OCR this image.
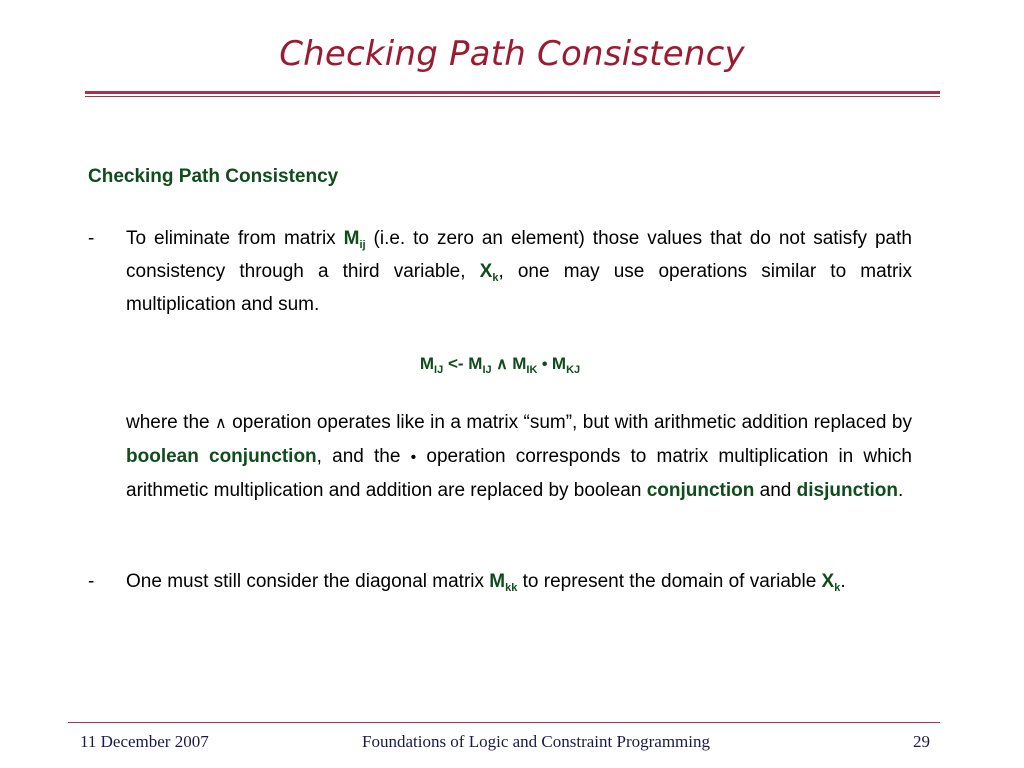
Checking Path Consistency
Checking Path Consistency
- To eliminate from matrix $M_{ij}$ (i.e. to zero an element) those values that do not satisfy path consistency through a third variable, $X_k$, one may use operations similar to matrix multiplication and sum.
$M_{IJ} <- M_{IJ}$ ∧ $M_{IK}$ • $M_{KJ}$
where the ∧ operation operates like in a matrix “sum”, but with arithmetic addition replaced by boolean conjunction, and the • operation corresponds to matrix multiplication in which arithmetic multiplication and addition are replaced by boolean conjunction and disjunction.
- One must still consider the diagonal matrix $M_{kk}$ to represent the domain of variable $X_k$.
11 December 2007	Foundations of Logic and Constraint Programming	29
